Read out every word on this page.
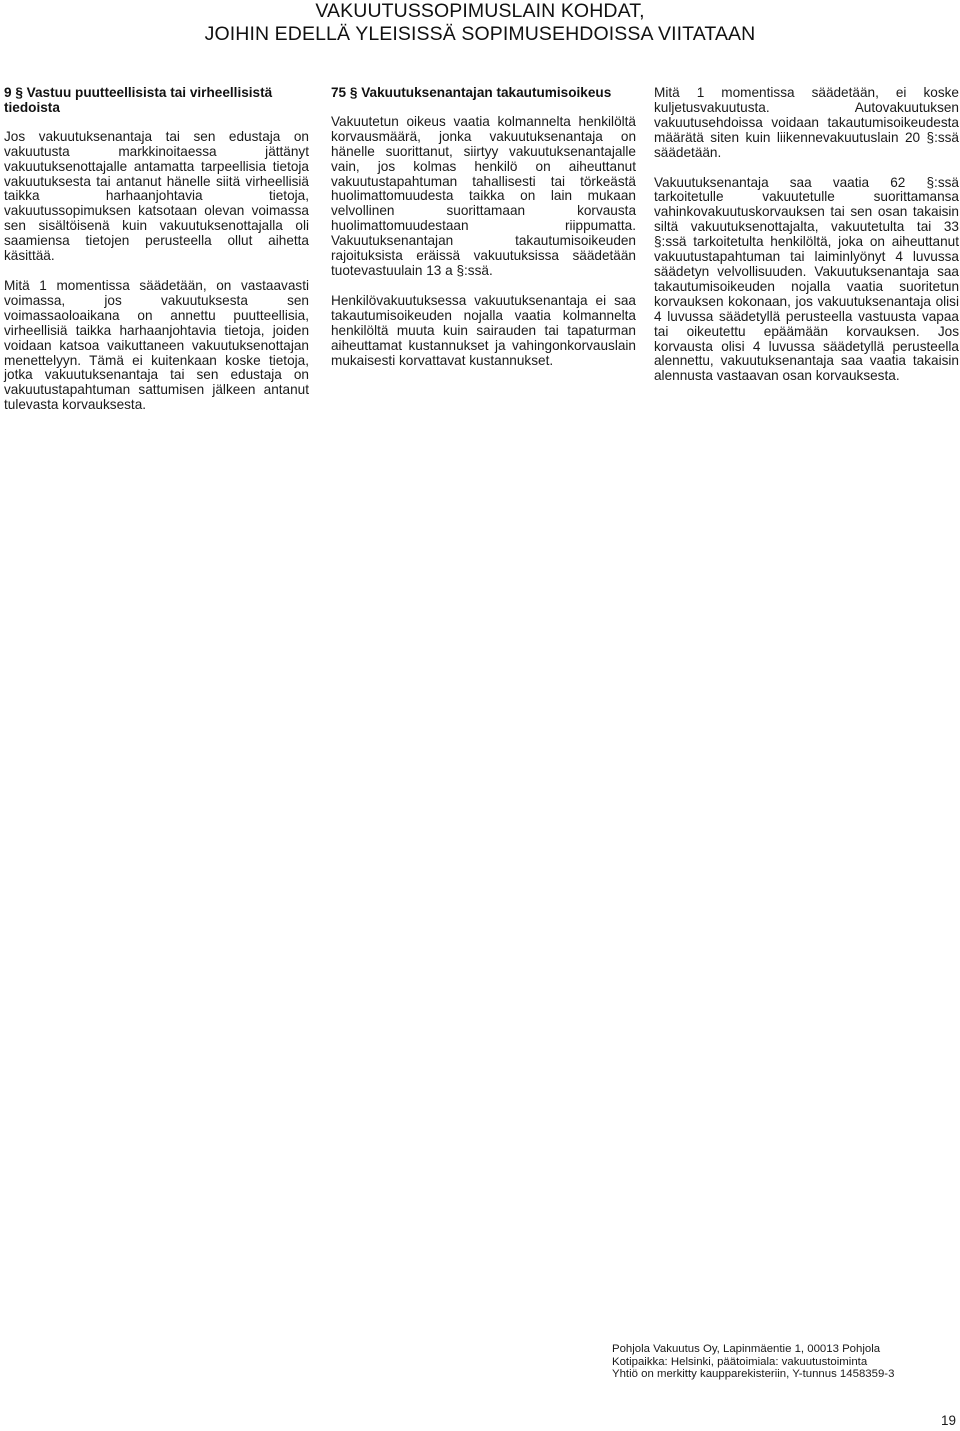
VAKUUTUSSOPIMUSLAIN KOHDAT,
JOIHIN EDELLÄ YLEISISSÄ SOPIMUSEHDOISSA VIITATAAN
9 § Vastuu puutteellisista tai virheellisistä tiedoista

Jos vakuutuksenantaja tai sen edustaja on vakuutusta markkinoitaessa jättänyt vakuutuksenottajalle antamatta tarpeellisia tietoja vakuutuksesta tai antanut hänelle siitä virheellisiä taikka harhaanjohtavia tietoja, vakuutussopimuksen katsotaan olevan voimassa sen sisältöisenä kuin vakuutuksenottajalla oli saamiensa tietojen perusteella ollut aihetta käsittää.

Mitä 1 momentissa säädetään, on vastaavasti voimassa, jos vakuutuksesta sen voimassaoloaikana on annettu puutteellisia, virheellisiä taikka harhaanjohtavia tietoja, joiden voidaan katsoa vaikuttaneen vakuutuksenottajan menettelyyn. Tämä ei kuitenkaan koske tietoja, jotka vakuutuksenantaja tai sen edustaja on vakuutustapahtuman sattumisen jälkeen antanut tulevasta korvauksesta.

75 § Vakuutuksenantajan takautumisoikeus

Vakuutetun oikeus vaatia kolmannelta henkilöltä korvausmäärä, jonka vakuutuksenantaja on hänelle suorittanut, siirtyy vakuutuksenantajalle vain, jos kolmas henkilö on aiheuttanut vakuutustapahtuman tahallisesti tai törkeästä huolimattomuudesta taikka on lain mukaan velvollinen suorittamaan korvausta huolimattomuudestaan riippumatta. Vakuutuksenantajan takautumisoikeuden rajoituksista eräissä vakuutuksissa säädetään tuotevastuulain 13 a §:ssä.

Henkilövakuutuksessa vakuutuksenantaja ei saa takautumisoikeuden nojalla vaatia kolmannelta henkilöltä muuta kuin sairauden tai tapaturman aiheuttamat kustannukset ja vahingonkorvauslain mukaisesti korvattavat kustannukset.

Mitä 1 momentissa säädetään, ei koske kuljetusvakuutusta. Autovakuutuksen vakuutusehdoissa voidaan takautumisoikeudesta määrätä siten kuin liikennevakuutuslain 20 §:ssä säädetään.

Vakuutuksenantaja saa vaatia 62 §:ssä tarkoitetulle vakuutetulle suorittamansa vahinkovakuutuskorvauksen tai sen osan takaisin siltä vakuutuksenottajalta, vakuutetulta tai 33 §:ssä tarkoitetulta henkilöltä, joka on aiheuttanut vakuutustapahtuman tai laiminlyönyt 4 luvussa säädetyn velvollisuuden. Vakuutuksenantaja saa takautumisoikeuden nojalla vaatia suoritetun korvauksen kokonaan, jos vakuutuksenantaja olisi 4 luvussa säädetyllä perusteella vastuusta vapaa tai oikeutettu epäämään korvauksen. Jos korvausta olisi 4 luvussa säädetyllä perusteella alennettu, vakuutuksenantaja saa vaatia takaisin alennusta vastaavan osan korvauksesta.

Pohjola Vakuutus Oy, Lapinmäentie 1, 00013 Pohjola
Kotipaikka: Helsinki, päätoimiala: vakuutustoiminta
Yhtiö on merkitty kaupparekisteriin, Y-tunnus 1458359-3
19
